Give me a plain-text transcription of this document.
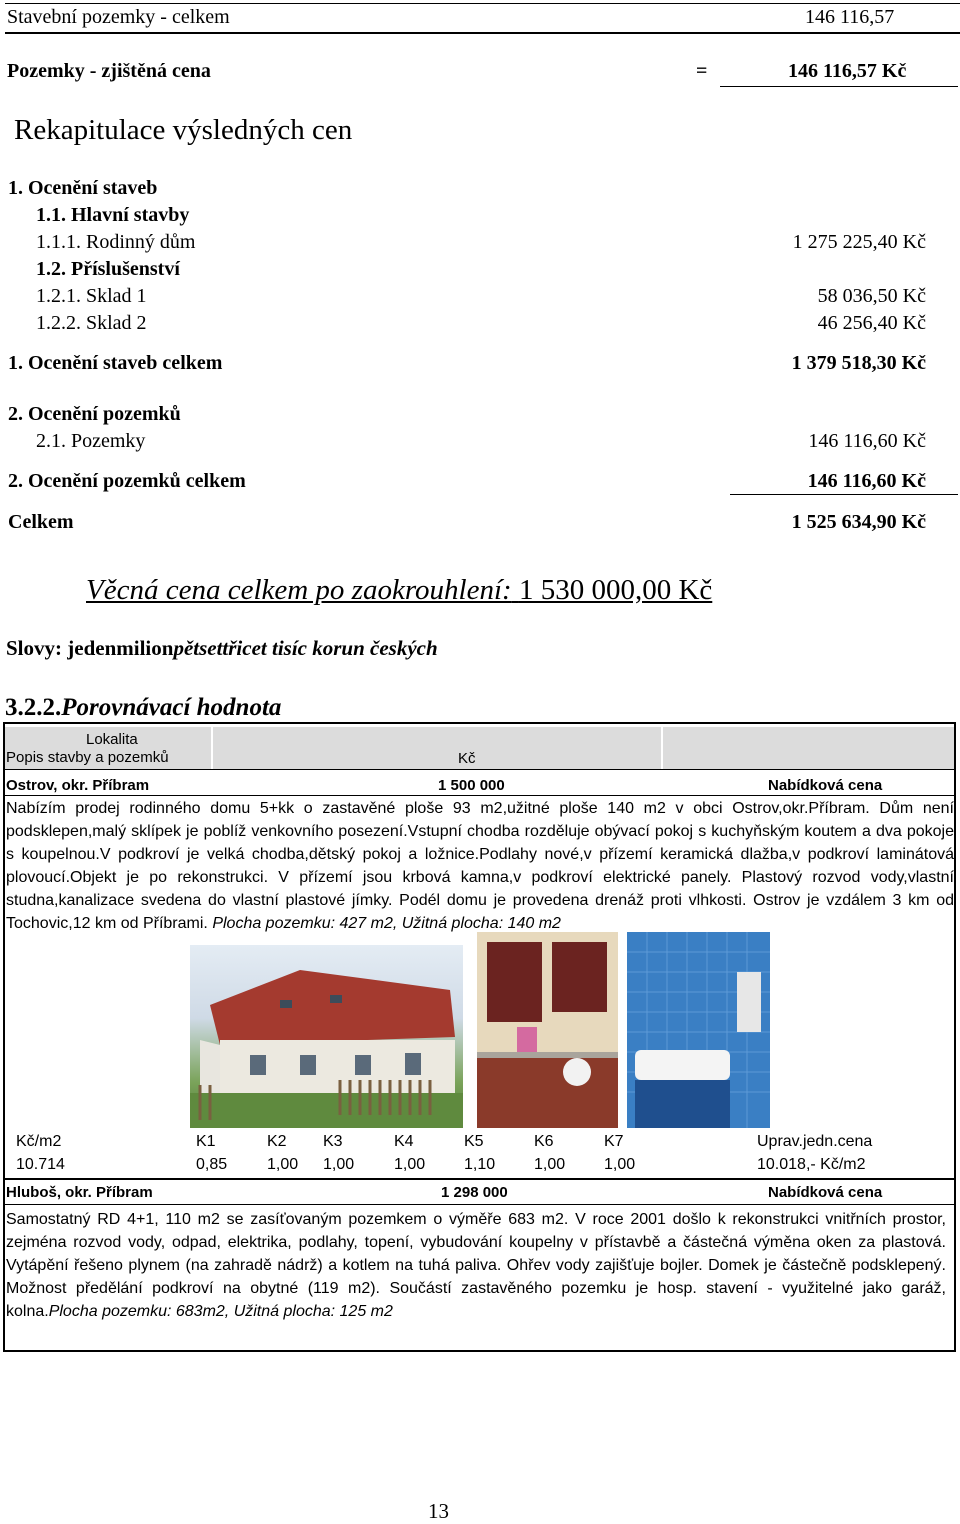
Stavební pozemky - celkem	146 116,57
Pozemky - zjištěná cena	=	146 116,57 Kč
Rekapitulace výsledných cen
1. Ocenění staveb
1.1. Hlavní stavby
1.1.1. Rodinný dům	1 275 225,40 Kč
1.2. Příslušenství
1.2.1. Sklad 1	58 036,50 Kč
1.2.2. Sklad 2	46 256,40 Kč
1. Ocenění staveb celkem	1 379 518,30 Kč
2. Ocenění pozemků
2.1. Pozemky	146 116,60 Kč
2. Ocenění pozemků celkem	146 116,60 Kč
Celkem	1 525 634,90 Kč
Věcná cena celkem po zaokrouhlení: 1 530 000,00 Kč
Slovy: jedenmilionpětsettřicet tisíc korun českých
3.2.2.Porovnávací hodnota
Lokalita
Popis stavby a pozemků	Kč
Ostrov, okr. Příbram	1 500 000	Nabídková cena
Nabízím prodej rodinného domu 5+kk o zastavěné ploše 93 m2,užitné ploše 140 m2 v obci Ostrov,okr.Příbram. Dům není podsklepen,malý sklípek je poblíž venkovního posezení.Vstupní chodba rozděluje obývací pokoj s kuchyňským koutem a dva pokoje s koupelnou.V podkroví je velká chodba,dětský pokoj a ložnice.Podlahy nové,v přízemí keramická dlažba,v podkroví laminátová plovoucí.Objekt je po rekonstrukci. V přízemí jsou krbová kamna,v podkroví elektrické panely. Plastový rozvod vody,vlastní studna,kanalizace svedena do vlastní plastové jímky. Podél domu je provedena drenáž proti vlhkosti. Ostrov je vzdálem 3 km od Tochovic,12 km od Příbrami. Plocha pozemku: 427 m2, Užitná plocha: 140 m2
Kč/m2	K1	K2 K3	K4	K5	K6	K7	Uprav.jedn.cena
10.714	0,85 1,00 1,00 1,00 1,10 1,00 1,00	10.018,- Kč/m2
Hluboš, okr. Příbram	1 298 000	Nabídková cena
Samostatný RD 4+1, 110 m2 se zasíťovaným pozemkem o výměře 683 m2. V roce 2001 došlo k rekonstrukci vnitřních prostor, zejména rozvod vody, odpad, elektrika, podlahy, topení, vybudování koupelny v přístavbě a částečná výměna oken za plastová. Vytápění řešeno plynem (na zahradě nádrž) a kotlem na tuhá paliva. Ohřev vody zajišťuje bojler. Domek je částečně podsklepený. Možnost předělání podkroví na obytné (119 m2). Součástí zastavěného pozemku je hosp. stavení - využitelné jako garáž, kolna.Plocha pozemku: 683m2, Užitná plocha: 125 m2
13
